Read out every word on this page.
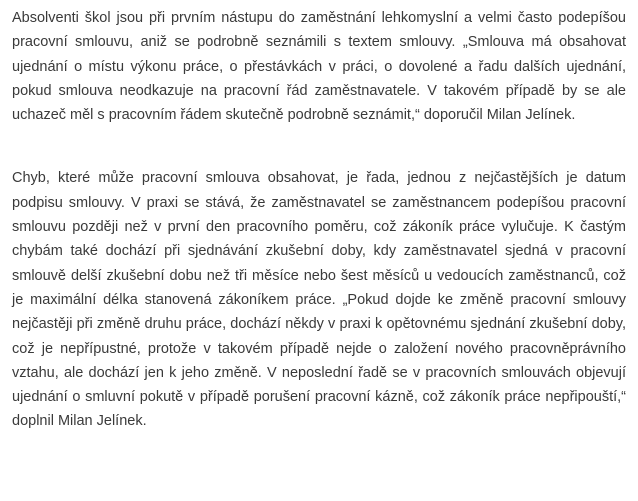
Absolventi škol jsou při prvním nástupu do zaměstnání lehkomyslní a velmi často podepíšou pracovní smlouvu, aniž se podrobně seznámili s textem smlouvy. „Smlouva má obsahovat ujednání o místu výkonu práce, o přestávkách v práci, o dovolené a řadu dalších ujednání, pokud smlouva neodkazuje na pracovní řád zaměstnavatele. V takovém případě by se ale uchazeč měl s pracovním řádem skutečně podrobně seznámit,“ doporučil Milan Jelínek.

Chyb, které může pracovní smlouva obsahovat, je řada, jednou z nejčastějších je datum podpisu smlouvy. V praxi se stává, že zaměstnavatel se zaměstnancem podepíšou pracovní smlouvu později než v první den pracovního poměru, což zákoník práce vylučuje. K častým chybám také dochází při sjednávání zkušební doby, kdy zaměstnavatel sjedná v pracovní smlouvě delší zkušební dobu než tři měsíce nebo šest měsíců u vedoucích zaměstnanců, což je maximální délka stanovená zákoníkem práce. „Pokud dojde ke změně pracovní smlouvy nejčastěji při změně druhu práce, dochází někdy v praxi k opětovnému sjednání zkušební doby, což je nepřípustné, protože v takovém případě nejde o založení nového pracovněprávního vztahu, ale dochází jen k jeho změně. V neposlední řadě se v pracovních smlouvách objevují ujednání o smluvní pokutě v případě porušení pracovní kázně, což zákoník práce nepřipouští,“ doplnil Milan Jelínek.
